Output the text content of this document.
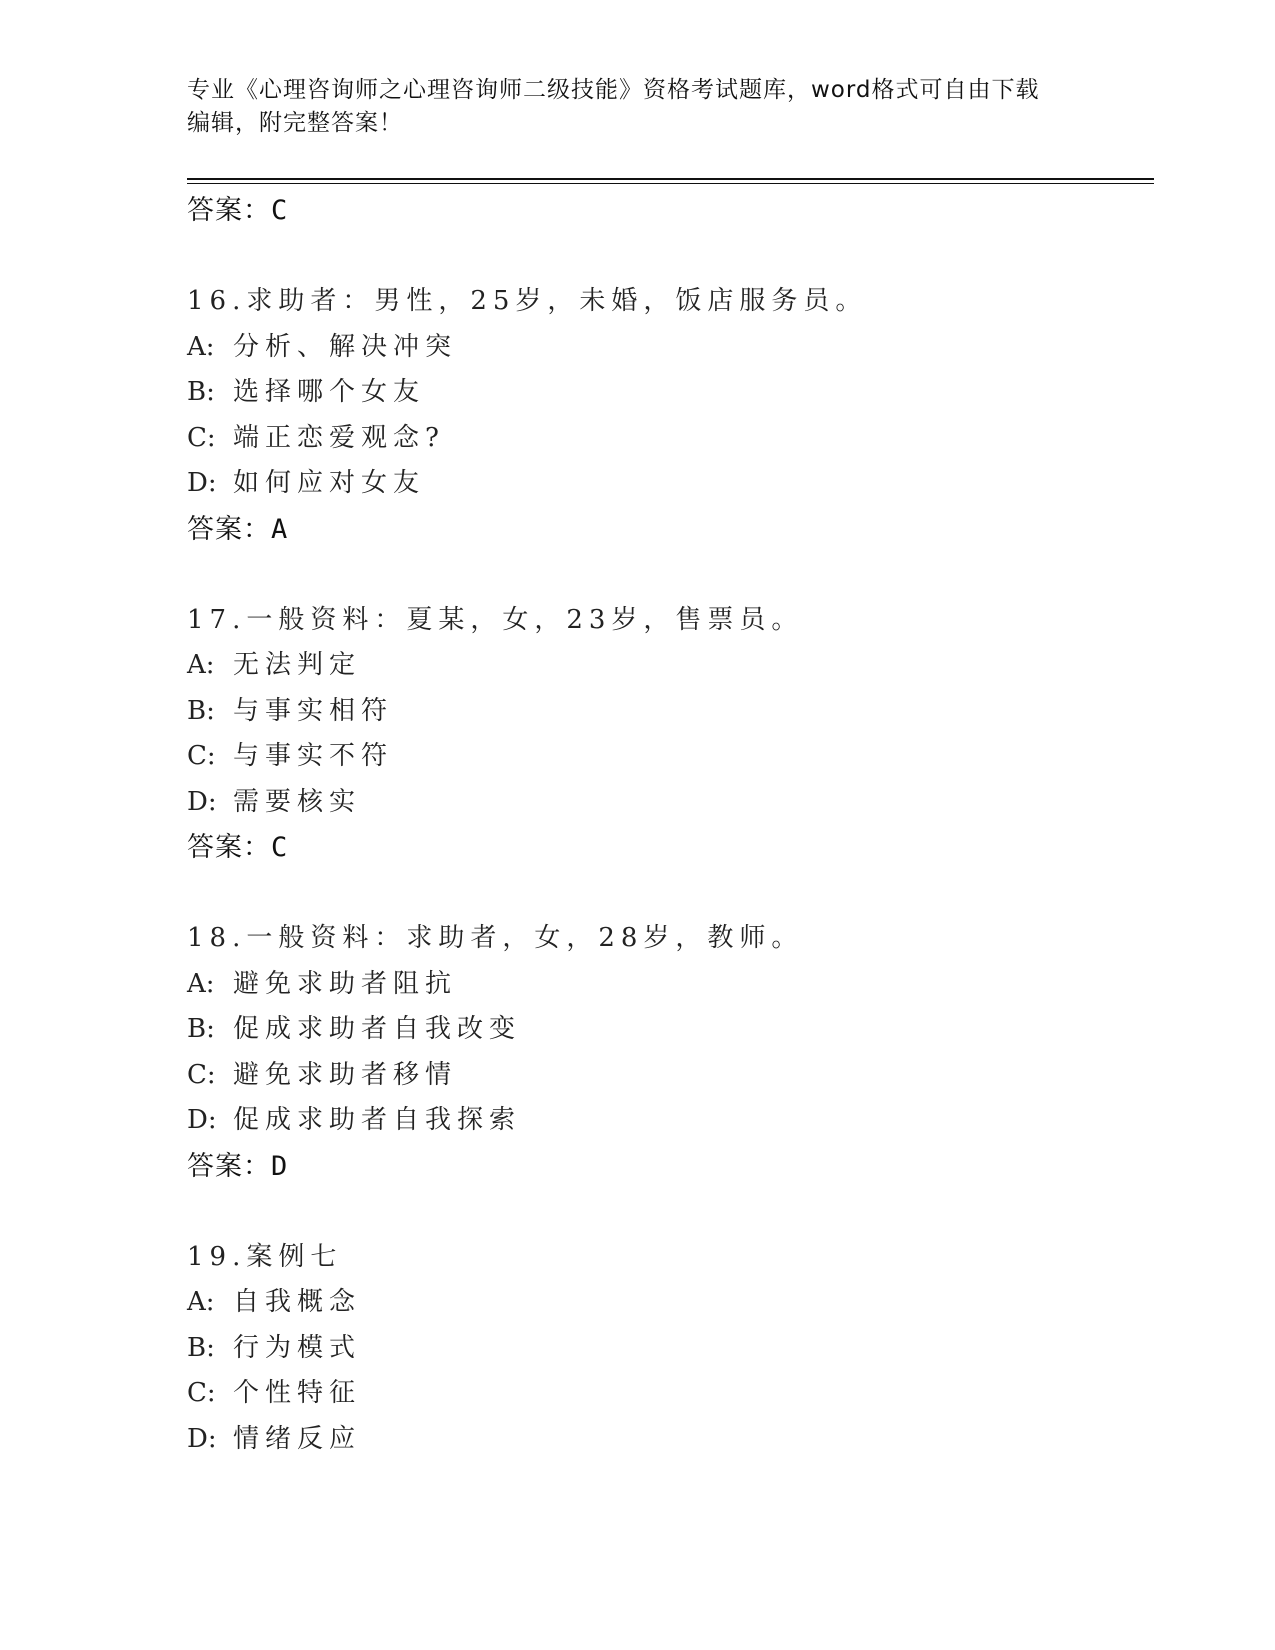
专业《心理咨询师之心理咨询师二级技能》资格考试题库，word格式可自由下载
编辑，附完整答案！
答案：C
16.求助者：男性，25岁，未婚，饭店服务员。
A: 分析、解决冲突
B: 选择哪个女友
C: 端正恋爱观念?
D: 如何应对女友
答案：A
17.一般资料：夏某，女，23岁，售票员。
A: 无法判定
B: 与事实相符
C: 与事实不符
D: 需要核实
答案：C
18.一般资料：求助者，女，28岁，教师。
A: 避免求助者阻抗
B: 促成求助者自我改变
C: 避免求助者移情
D: 促成求助者自我探索
答案：D
19.案例七
A: 自我概念
B: 行为模式
C: 个性特征
D: 情绪反应
